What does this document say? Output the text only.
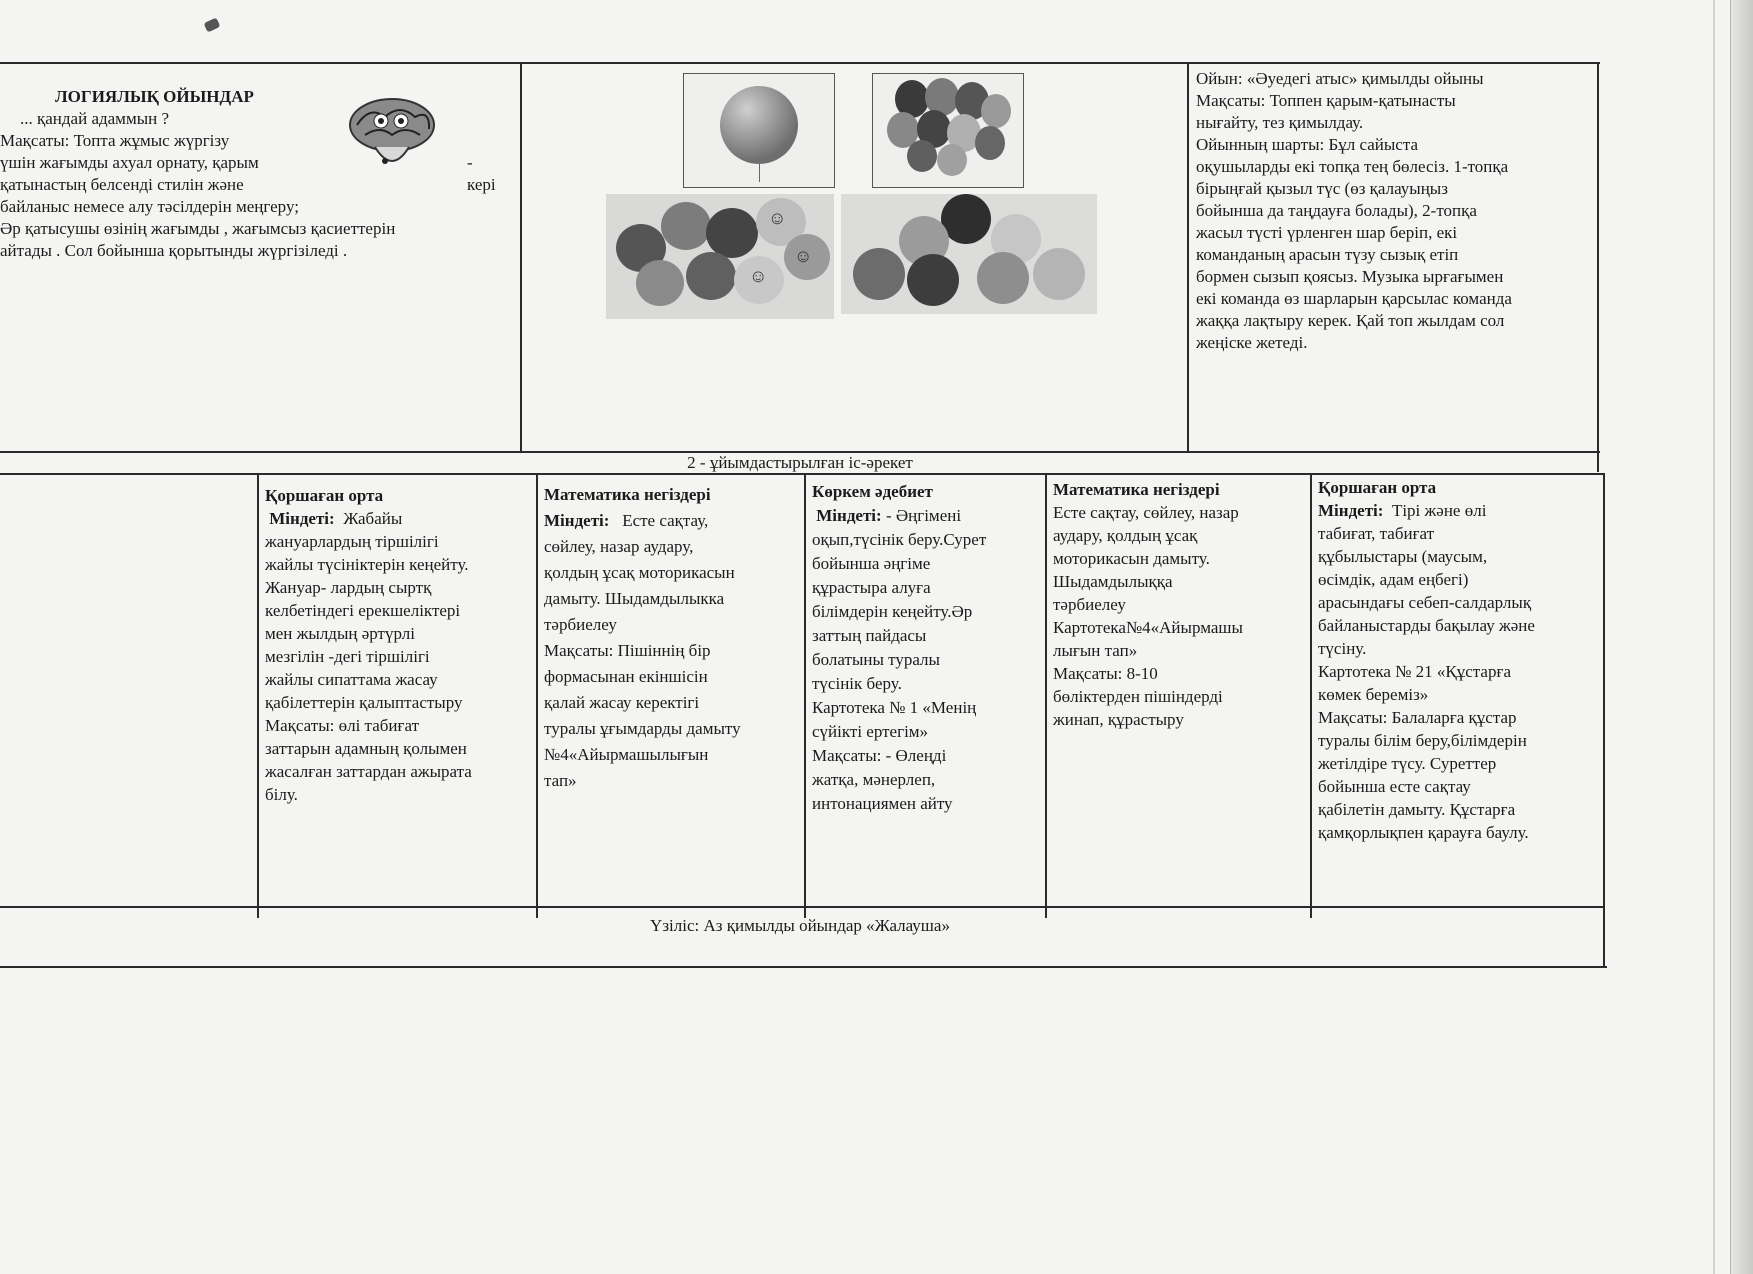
ЛОГИЯЛЫҚ ОЙЫНДАР

... қандай адаммын ?

Мақсаты: Топта жұмыс жүргізу

үшін жағымды ахуал орнату, қарым	-

қатынастың белсенді стилін және	кері

байланыс немесе алу тәсілдерін меңгеру;

Әр қатысушы өзінің жағымды , жағымсыз қасиеттерін

айтады . Сол бойынша қорытынды жүргізіледі .

☺
☺
☺

Ойын: «Әуедегі атыс» қимылды ойыны

Мақсаты: Топпен қарым-қатынасты

нығайту, тез қимылдау.

Ойынның шарты: Бұл сайыста

оқушыларды екі топқа тең бөлесіз. 1-топқа

бірыңғай қызыл түс (өз қалауыңыз

бойынша да таңдауға болады), 2-топқа

жасыл түсті үрленген шар беріп, екі

команданың арасын түзу сызық етіп

бормен сызып қоясыз. Музыка ырғағымен

екі команда өз шарларын қарсылас команда

жаққа лақтыру керек. Қай топ жылдам сол

жеңіске жетеді.

2 - ұйымдастырылған іс-әрекет

Қоршаған орта

Міндеті: Жабайы

жануарлардың тіршілігі

жайлы түсініктерін кеңейту.

Жануар- лардың сыртқ

келбетіндегі ерекшеліктері

мен жылдың әртүрлі

мезгілін -дегі тіршілігі

жайлы сипаттама жасау

қабілеттерін қалыптастыру

Мақсаты: өлі табиғат

заттарын адамның қолымен

жасалған заттардан ажырата

білу.

Математика негіздері

Міндеті: Есте сақтау,

сөйлеу, назар аудару,

қолдың ұсақ моторикасын

дамыту. Шыдамдылыкка

тәрбиелеу

Мақсаты: Пішіннің бір

формасынан екіншісін

қалай жасау керектігі

туралы ұғымдарды дамыту

№4«Айырмашылығын

тап»

Көркем әдебиет

Міндеті: - Әңгімені

оқып,түсінік беру.Сурет

бойынша әңгіме

құрастыра алуға

білімдерін кеңейту.Әр

заттың пайдасы

болатыны туралы

түсінік беру.

Картотека № 1 «Менің

сүйікті ертегім»

Мақсаты: - Өлеңді

жатқа, мәнерлеп,

интонациямен айту

Математика негіздері

Есте сақтау, сөйлеу, назар

аудару, қолдың ұсақ

моторикасын дамыту.

Шыдамдылыққа

тәрбиелеу

Картотека№4«Айырмашы

лығын тап»

Мақсаты: 8-10

бөліктерден пішіндерді

жинап, құрастыру

Қоршаған орта

Міндеті: Тірі және өлі

табиғат, табиғат

құбылыстары (маусым,

өсімдік, адам еңбегі)

арасындағы себеп-салдарлық

байланыстарды бақылау және

түсіну.

Картотека № 21 «Құстарға

көмек береміз»

Мақсаты: Балаларға құстар

туралы білім беру,білімдерін

жетілдіре түсу. Суреттер

бойынша есте сақтау

қабілетін дамыту. Құстарға

қамқорлықпен қарауға баулу.

Үзіліс: Аз қимылды ойындар «Жалаушa»
